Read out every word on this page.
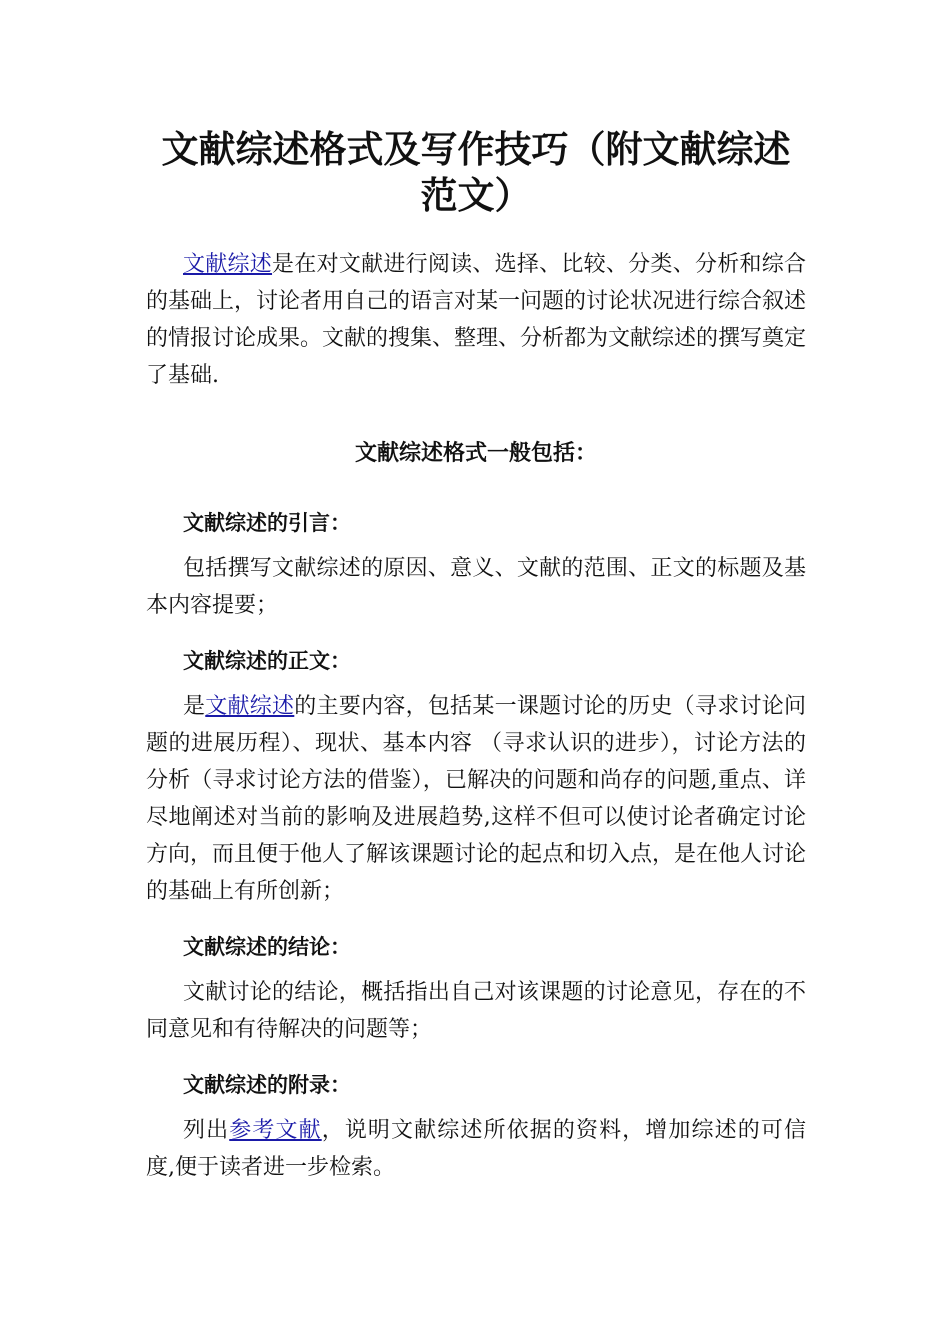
文献综述格式及写作技巧（附文献综述范文）

文献综述是在对文献进行阅读、选择、比较、分类、分析和综合的基础上，讨论者用自己的语言对某一问题的讨论状况进行综合叙述的情报讨论成果。文献的搜集、整理、分析都为文献综述的撰写奠定了基础.

文献综述格式一般包括：
文献综述的引言：

包括撰写文献综述的原因、意义、文献的范围、正文的标题及基本内容提要；

文献综述的正文：

是文献综述的主要内容，包括某一课题讨论的历史（寻求讨论问题的进展历程）、现状、基本内容 （寻求认识的进步），讨论方法的分析（寻求讨论方法的借鉴），已解决的问题和尚存的问题,重点、详尽地阐述对当前的影响及进展趋势,这样不但可以使讨论者确定讨论方向，而且便于他人了解该课题讨论的起点和切入点，是在他人讨论的基础上有所创新；

文献综述的结论：

文献讨论的结论，概括指出自己对该课题的讨论意见，存在的不同意见和有待解决的问题等；

文献综述的附录：

列出参考文献，说明文献综述所依据的资料，增加综述的可信度,便于读者进一步检索。
